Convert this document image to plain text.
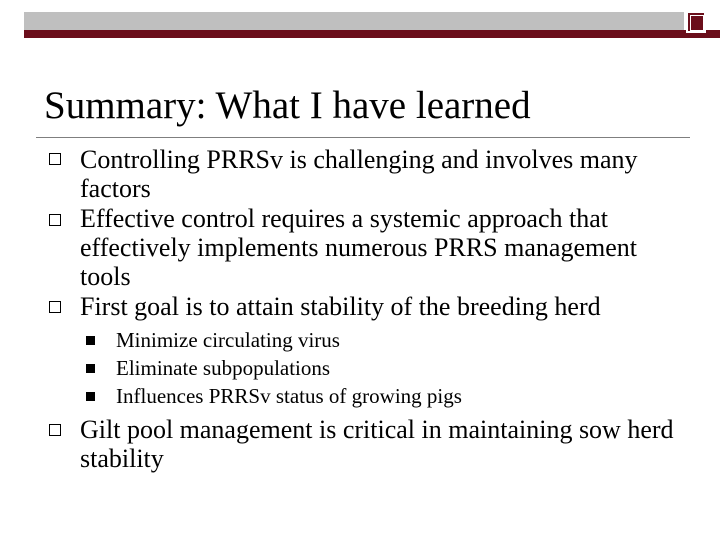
Summary: What I have learned
Controlling PRRSv is challenging and involves many factors
Effective control requires a systemic approach that effectively implements numerous PRRS management tools
First goal is to attain stability of the breeding herd
Minimize circulating virus
Eliminate subpopulations
Influences PRRSv status of growing pigs
Gilt pool management is critical in maintaining sow herd stability
